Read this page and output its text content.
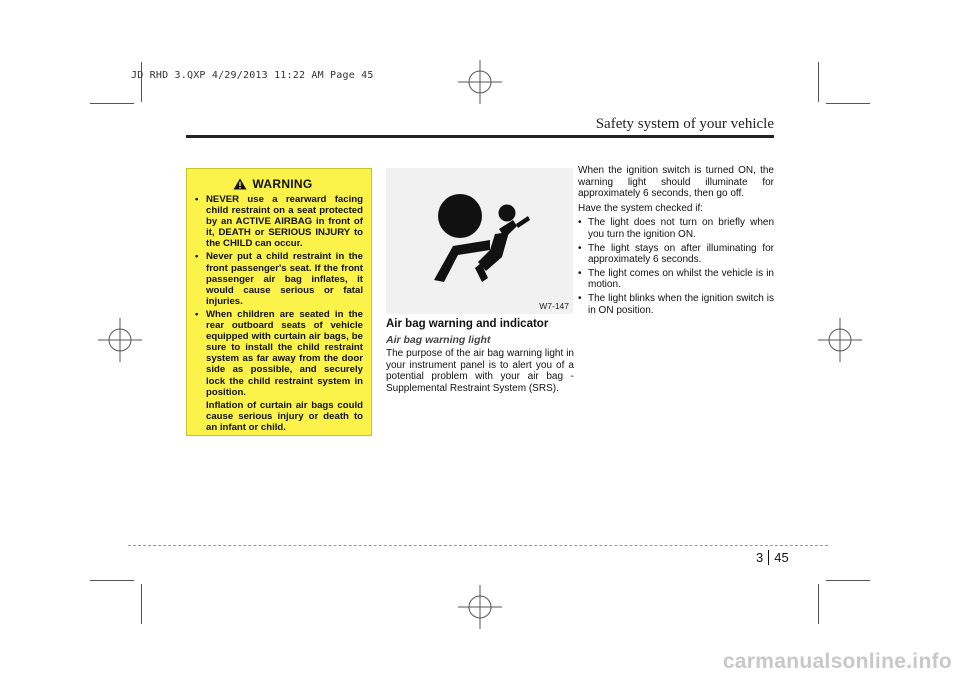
JD RHD 3.QXP 4/29/2013 11:22 AM Page 45
Safety system of your vehicle
WARNING
• NEVER use a rearward facing child restraint on a seat protected by an ACTIVE AIRBAG in front of it, DEATH or SERIOUS INJURY to the CHILD can occur.
• Never put a child restraint in the front passenger's seat. If the front passenger air bag inflates, it would cause serious or fatal injuries.
• When children are seated in the rear outboard seats of vehicle equipped with curtain air bags, be sure to install the child restraint system as far away from the door side as possible, and securely lock the child restraint system in position.
Inflation of curtain air bags could cause serious injury or death to an infant or child.
W7-147

Air bag warning and indicator

Air bag warning light

The purpose of the air bag warning light in your instrument panel is to alert you of a potential problem with your air bag - Supplemental Restraint System (SRS).

When the ignition switch is turned ON, the warning light should illuminate for approximately 6 seconds, then go off.

Have the system checked if:

• The light does not turn on briefly when you turn the ignition ON.
• The light stays on after illuminating for approximately 6 seconds.
• The light comes on whilst the vehicle is in motion.
• The light blinks when the ignition switch is in ON position.
3 45
carmanualsonline.info
